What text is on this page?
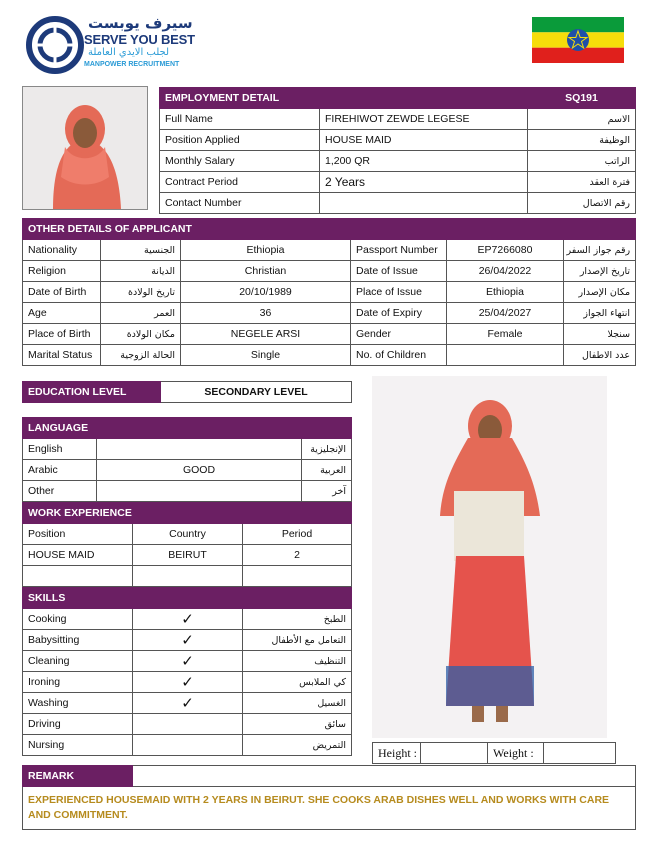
سيرف يوبست
SERVE YOU BEST
لجلب الايدي العاملة
MANPOWER RECRUITMENT
EMPLOYMENT DETAIL		SQ191
Full Name	FIREHIWOT ZEWDE LEGESE	الاسم
Position Applied	HOUSE MAID	الوظيفة
Monthly Salary	1,200 QR	الراتب
Contract Period	2 Years	فترة العقد
Contact Number		رقم الاتصال
OTHER DETAILS OF APPLICANT					
Nationality	الجنسية	Ethiopia	Passport Number	EP7266080	رقم جواز السفر
Religion	الديانة	Christian	Date of Issue	26/04/2022	تاريخ الإصدار
Date of Birth	تاريخ الولادة	20/10/1989	Place of Issue	Ethiopia	مكان الإصدار
Age	العمر	36	Date of Expiry	25/04/2027	انتهاء الجواز
Place of Birth	مكان الولادة	NEGELE ARSI	Gender	Female	سنجلا
Marital Status	الحالة الزوجية	Single	No. of Children		عدد الاطفال
EDUCATION LEVEL	SECONDARY LEVEL
LANGUAGE		
English		الإنجليزية
Arabic	GOOD	العربية
Other		آخر
WORK EXPERIENCE		
Position	Country	Period
HOUSE MAID	BEIRUT	2

SKILLS		
Cooking	✓	الطبخ
Babysitting	✓	التعامل مع الأطفال
Cleaning	✓	التنظيف
Ironing	✓	كي الملابس
Washing	✓	الغسيل
Driving		سائق
Nursing		التمريض
Height :		Weight :	
REMARK	
EXPERIENCED HOUSEMAID WITH 2 YEARS IN BEIRUT. SHE COOKS ARAB DISHES WELL AND WORKS WITH CARE AND COMMITMENT.
